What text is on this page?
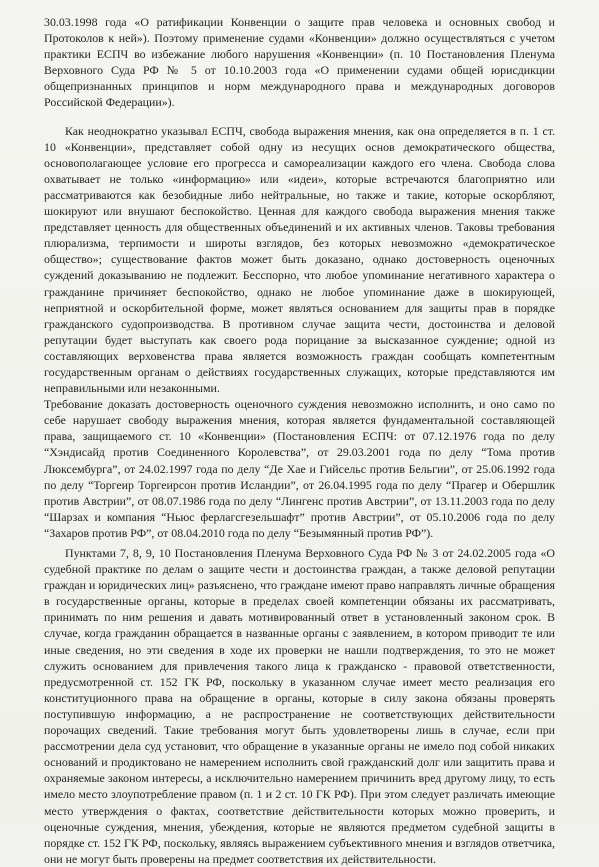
30.03.1998 года «О ратификации Конвенции о защите прав человека и основных свобод и Протоколов к ней»). Поэтому применение судами «Конвенции» должно осуществляться с учетом практики ЕСПЧ во избежание любого нарушения «Конвенции» (п. 10 Постановления Пленума Верховного Суда РФ № 5 от 10.10.2003 года «О применении судами общей юрисдикции общепризнанных принципов и норм международного права и международных договоров Российской Федерации»).

Как неоднократно указывал ЕСПЧ, свобода выражения мнения, как она определяется в п. 1 ст. 10 «Конвенции», представляет собой одну из несущих основ демократического общества, основополагающее условие его прогресса и самореализации каждого его члена. Свобода слова охватывает не только «информацию» или «идеи», которые встречаются благоприятно или рассматриваются как безобидные либо нейтральные, но также и такие, которые оскорбляют, шокируют или внушают беспокойство. Ценная для каждого свобода выражения мнения также представляет ценность для общественных объединений и их активных членов. Таковы требования плюрализма, терпимости и широты взглядов, без которых невозможно «демократическое общество»; существование фактов может быть доказано, однако достоверность оценочных суждений доказыванию не подлежит. Бесспорно, что любое упоминание негативного характера о гражданине причиняет беспокойство, однако не любое упоминание даже в шокирующей, неприятной и оскорбительной форме, может являться основанием для защиты прав в порядке гражданского судопроизводства. В противном случае защита чести, достоинства и деловой репутации будет выступать как своего рода порицание за высказанное суждение; одной из составляющих верховенства права является возможность граждан сообщать компетентным государственным органам о действиях государственных служащих, которые представляются им неправильными или незаконными.

Требование доказать достоверность оценочного суждения невозможно исполнить, и оно само по себе нарушает свободу выражения мнения, которая является фундаментальной составляющей права, защищаемого ст. 10 «Конвенции» (Постановления ЕСПЧ: от 07.12.1976 года по делу “Хэндисайд против Соединенного Королевства”, от 29.03.2001 года по делу “Тома против Люксембурга”, от 24.02.1997 года по делу “Де Хае и Гийсельс против Бельгии”, от 25.06.1992 года по делу “Торгеир Торгеирсон против Исландии”, от 26.04.1995 года по делу “Прагер и Обершлик против Австрии”, от 08.07.1986 года по делу “Лингенс против Австрии”, от 13.11.2003 года по делу “Шарзах и компания “Ньюс ферлагсгезельшафт” против Австрии”, от 05.10.2006 года по делу “Захаров против РФ”, от 08.04.2010 года по делу “Безымянный против РФ”).

Пунктами 7, 8, 9, 10 Постановления Пленума Верховного Суда РФ № 3 от 24.02.2005 года «О судебной практике по делам о защите чести и достоинства граждан, а также деловой репутации граждан и юридических лиц» разъяснено, что граждане имеют право направлять личные обращения в государственные органы, которые в пределах своей компетенции обязаны их рассматривать, принимать по ним решения и давать мотивированный ответ в установленный законом срок. В случае, когда гражданин обращается в названные органы с заявлением, в котором приводит те или иные сведения, но эти сведения в ходе их проверки не нашли подтверждения, то это не может служить основанием для привлечения такого лица к гражданско - правовой ответственности, предусмотренной ст. 152 ГК РФ, поскольку в указанном случае имеет место реализация его конституционного права на обращение в органы, которые в силу закона обязаны проверять поступившую информацию, а не распространение не соответствующих действительности порочащих сведений. Такие требования могут быть удовлетворены лишь в случае, если при рассмотрении дела суд установит, что обращение в указанные органы не имело под собой никаких оснований и продиктовано не намерением исполнить свой гражданский долг или защитить права и охраняемые законом интересы, а исключительно намерением причинить вред другому лицу, то есть имело место злоупотребление правом (п. 1 и 2 ст. 10 ГК РФ). При этом следует различать имеющие место утверждения о фактах, соответствие действительности которых можно проверить, и оценочные суждения, мнения, убеждения, которые не являются предметом судебной защиты в порядке ст. 152 ГК РФ, поскольку, являясь выражением субъективного мнения и взглядов ответчика, они не могут быть проверены на предмет соответствия их действительности.
